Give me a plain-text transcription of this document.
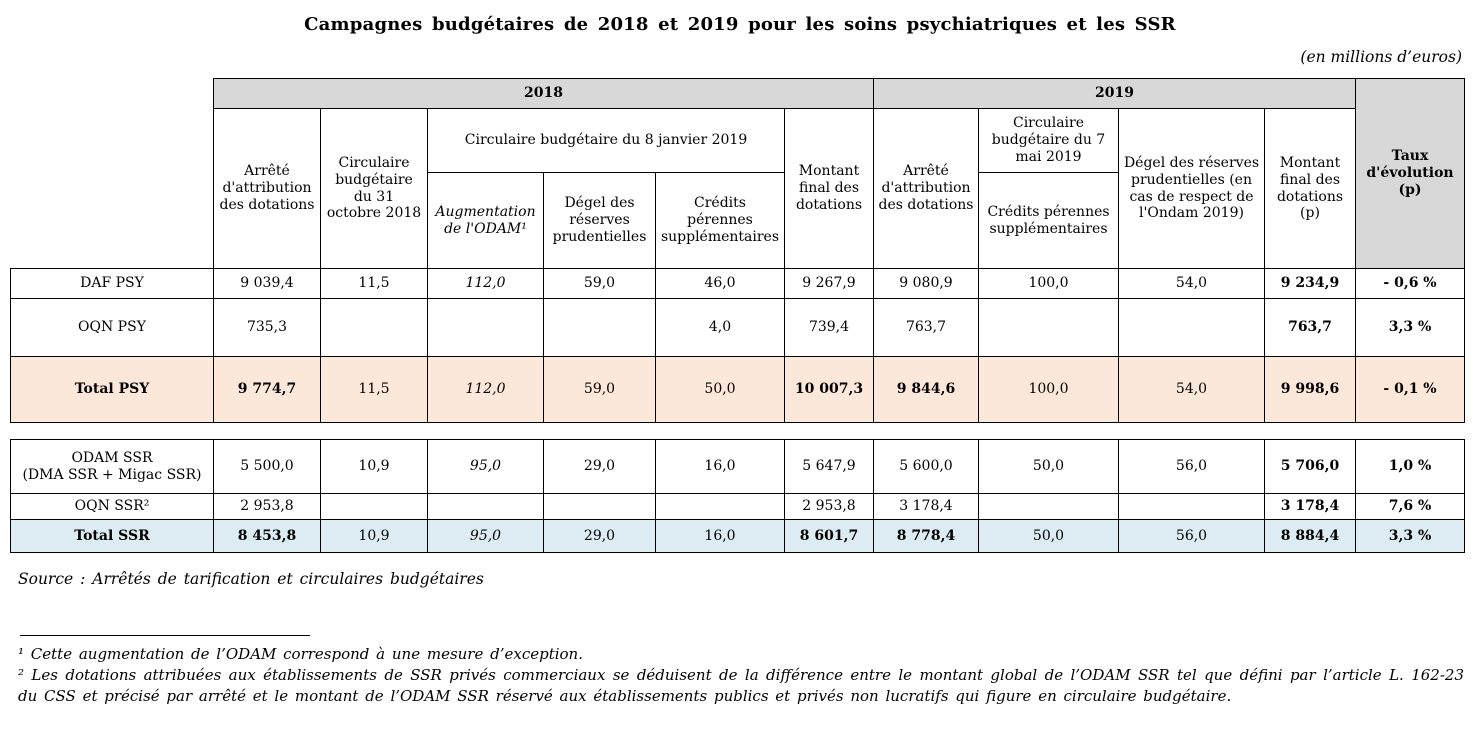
Campagnes budgétaires de 2018 et 2019 pour les soins psychiatriques et les SSR
(en millions d’euros)
	2018						2019				Taux d'évolution (p)
	Arrêté d'attribution des dotations	Circulaire budgétaire du 31 octobre 2018	Circulaire budgétaire du 8 janvier 2019			Montant final des dotations	Arrêté d'attribution des dotations	Circulaire budgétaire du 7 mai 2019	Dégel des réserves prudentielles (en cas de respect de l'Ondam 2019)	Montant final des dotations (p)	
			Augmentation de l'ODAM¹	Dégel des réserves prudentielles	Crédits pérennes supplémentaires			Crédits pérennes supplémentaires			
DAF PSY	9 039,4	11,5	112,0	59,0	46,0	9 267,9	9 080,9	100,0	54,0	9 234,9	- 0,6 %
OQN PSY	735,3				4,0	739,4	763,7			763,7	3,3 %
Total PSY	9 774,7	11,5	112,0	59,0	50,0	10 007,3	9 844,6	100,0	54,0	9 998,6	- 0,1 %
ODAM SSR
(DMA SSR + Migac SSR)	5 500,0	10,9	95,0	29,0	16,0	5 647,9	5 600,0	50,0	56,0	5 706,0	1,0 %
OQN SSR²	2 953,8					2 953,8	3 178,4			3 178,4	7,6 %
Total SSR	8 453,8	10,9	95,0	29,0	16,0	8 601,7	8 778,4	50,0	56,0	8 884,4	3,3 %
Source : Arrêtés de tarification et circulaires budgétaires

¹ Cette augmentation de l’ODAM correspond à une mesure d’exception.

² Les dotations attribuées aux établissements de SSR privés commerciaux se déduisent de la différence entre le montant global de l’ODAM SSR tel que défini par l’article L. 162-23 du CSS et précisé par arrêté et le montant de l’ODAM SSR réservé aux établissements publics et privés non lucratifs qui figure en circulaire budgétaire.
